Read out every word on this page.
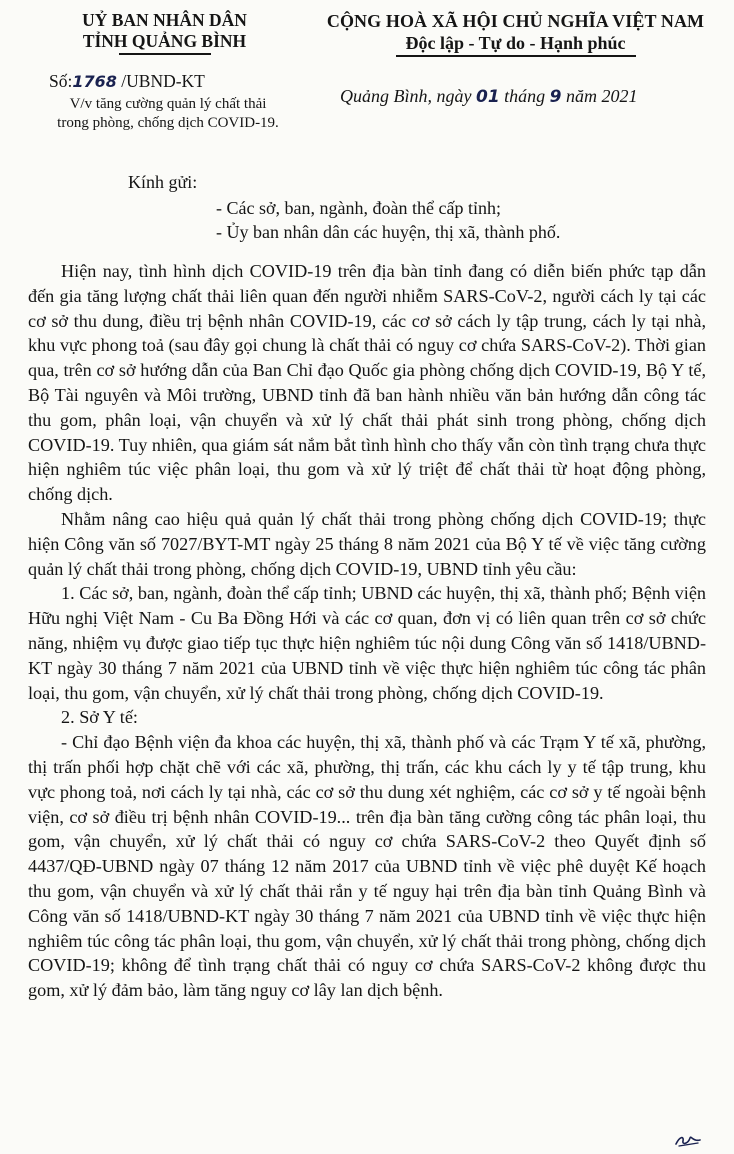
UỶ BAN NHÂN DÂN
TỈNH QUẢNG BÌNH
CỘNG HOÀ XÃ HỘI CHỦ NGHĨA VIỆT NAM
Độc lập - Tự do - Hạnh phúc
Số:1768 /UBND-KT
V/v tăng cường quản lý chất thải
trong phòng, chống dịch COVID-19.
Quảng Bình, ngày 01 tháng 9 năm 2021
Kính gửi:
- Các sở, ban, ngành, đoàn thể cấp tỉnh;
- Ủy ban nhân dân các huyện, thị xã, thành phố.

Hiện nay, tình hình dịch COVID-19 trên địa bàn tỉnh đang có diễn biến phức tạp dẫn đến gia tăng lượng chất thải liên quan đến người nhiễm SARS-CoV-2, người cách ly tại các cơ sở thu dung, điều trị bệnh nhân COVID-19, các cơ sở cách ly tập trung, cách ly tại nhà, khu vực phong toả (sau đây gọi chung là chất thải có nguy cơ chứa SARS-CoV-2). Thời gian qua, trên cơ sở hướng dẫn của Ban Chỉ đạo Quốc gia phòng chống dịch COVID-19, Bộ Y tế, Bộ Tài nguyên và Môi trường, UBND tỉnh đã ban hành nhiều văn bản hướng dẫn công tác thu gom, phân loại, vận chuyển và xử lý chất thải phát sinh trong phòng, chống dịch COVID-19. Tuy nhiên, qua giám sát nắm bắt tình hình cho thấy vẫn còn tình trạng chưa thực hiện nghiêm túc việc phân loại, thu gom và xử lý triệt để chất thải từ hoạt động phòng, chống dịch.

Nhằm nâng cao hiệu quả quản lý chất thải trong phòng chống dịch COVID-19; thực hiện Công văn số 7027/BYT-MT ngày 25 tháng 8 năm 2021 của Bộ Y tế về việc tăng cường quản lý chất thải trong phòng, chống dịch COVID-19, UBND tỉnh yêu cầu:

1. Các sở, ban, ngành, đoàn thể cấp tỉnh; UBND các huyện, thị xã, thành phố; Bệnh viện Hữu nghị Việt Nam - Cu Ba Đồng Hới và các cơ quan, đơn vị có liên quan trên cơ sở chức năng, nhiệm vụ được giao tiếp tục thực hiện nghiêm túc nội dung Công văn số 1418/UBND-KT ngày 30 tháng 7 năm 2021 của UBND tỉnh về việc thực hiện nghiêm túc công tác phân loại, thu gom, vận chuyển, xử lý chất thải trong phòng, chống dịch COVID-19.

2. Sở Y tế:

- Chỉ đạo Bệnh viện đa khoa các huyện, thị xã, thành phố và các Trạm Y tế xã, phường, thị trấn phối hợp chặt chẽ với các xã, phường, thị trấn, các khu cách ly y tế tập trung, khu vực phong toả, nơi cách ly tại nhà, các cơ sở thu dung xét nghiệm, các cơ sở y tế ngoài bệnh viện, cơ sở điều trị bệnh nhân COVID-19... trên địa bàn tăng cường công tác phân loại, thu gom, vận chuyển, xử lý chất thải có nguy cơ chứa SARS-CoV-2 theo Quyết định số 4437/QĐ-UBND ngày 07 tháng 12 năm 2017 của UBND tỉnh về việc phê duyệt Kế hoạch thu gom, vận chuyển và xử lý chất thải rắn y tế nguy hại trên địa bàn tỉnh Quảng Bình và Công văn số 1418/UBND-KT ngày 30 tháng 7 năm 2021 của UBND tỉnh về việc thực hiện nghiêm túc công tác phân loại, thu gom, vận chuyển, xử lý chất thải trong phòng, chống dịch COVID-19; không để tình trạng chất thải có nguy cơ chứa SARS-CoV-2 không được thu gom, xử lý đảm bảo, làm tăng nguy cơ lây lan dịch bệnh.
